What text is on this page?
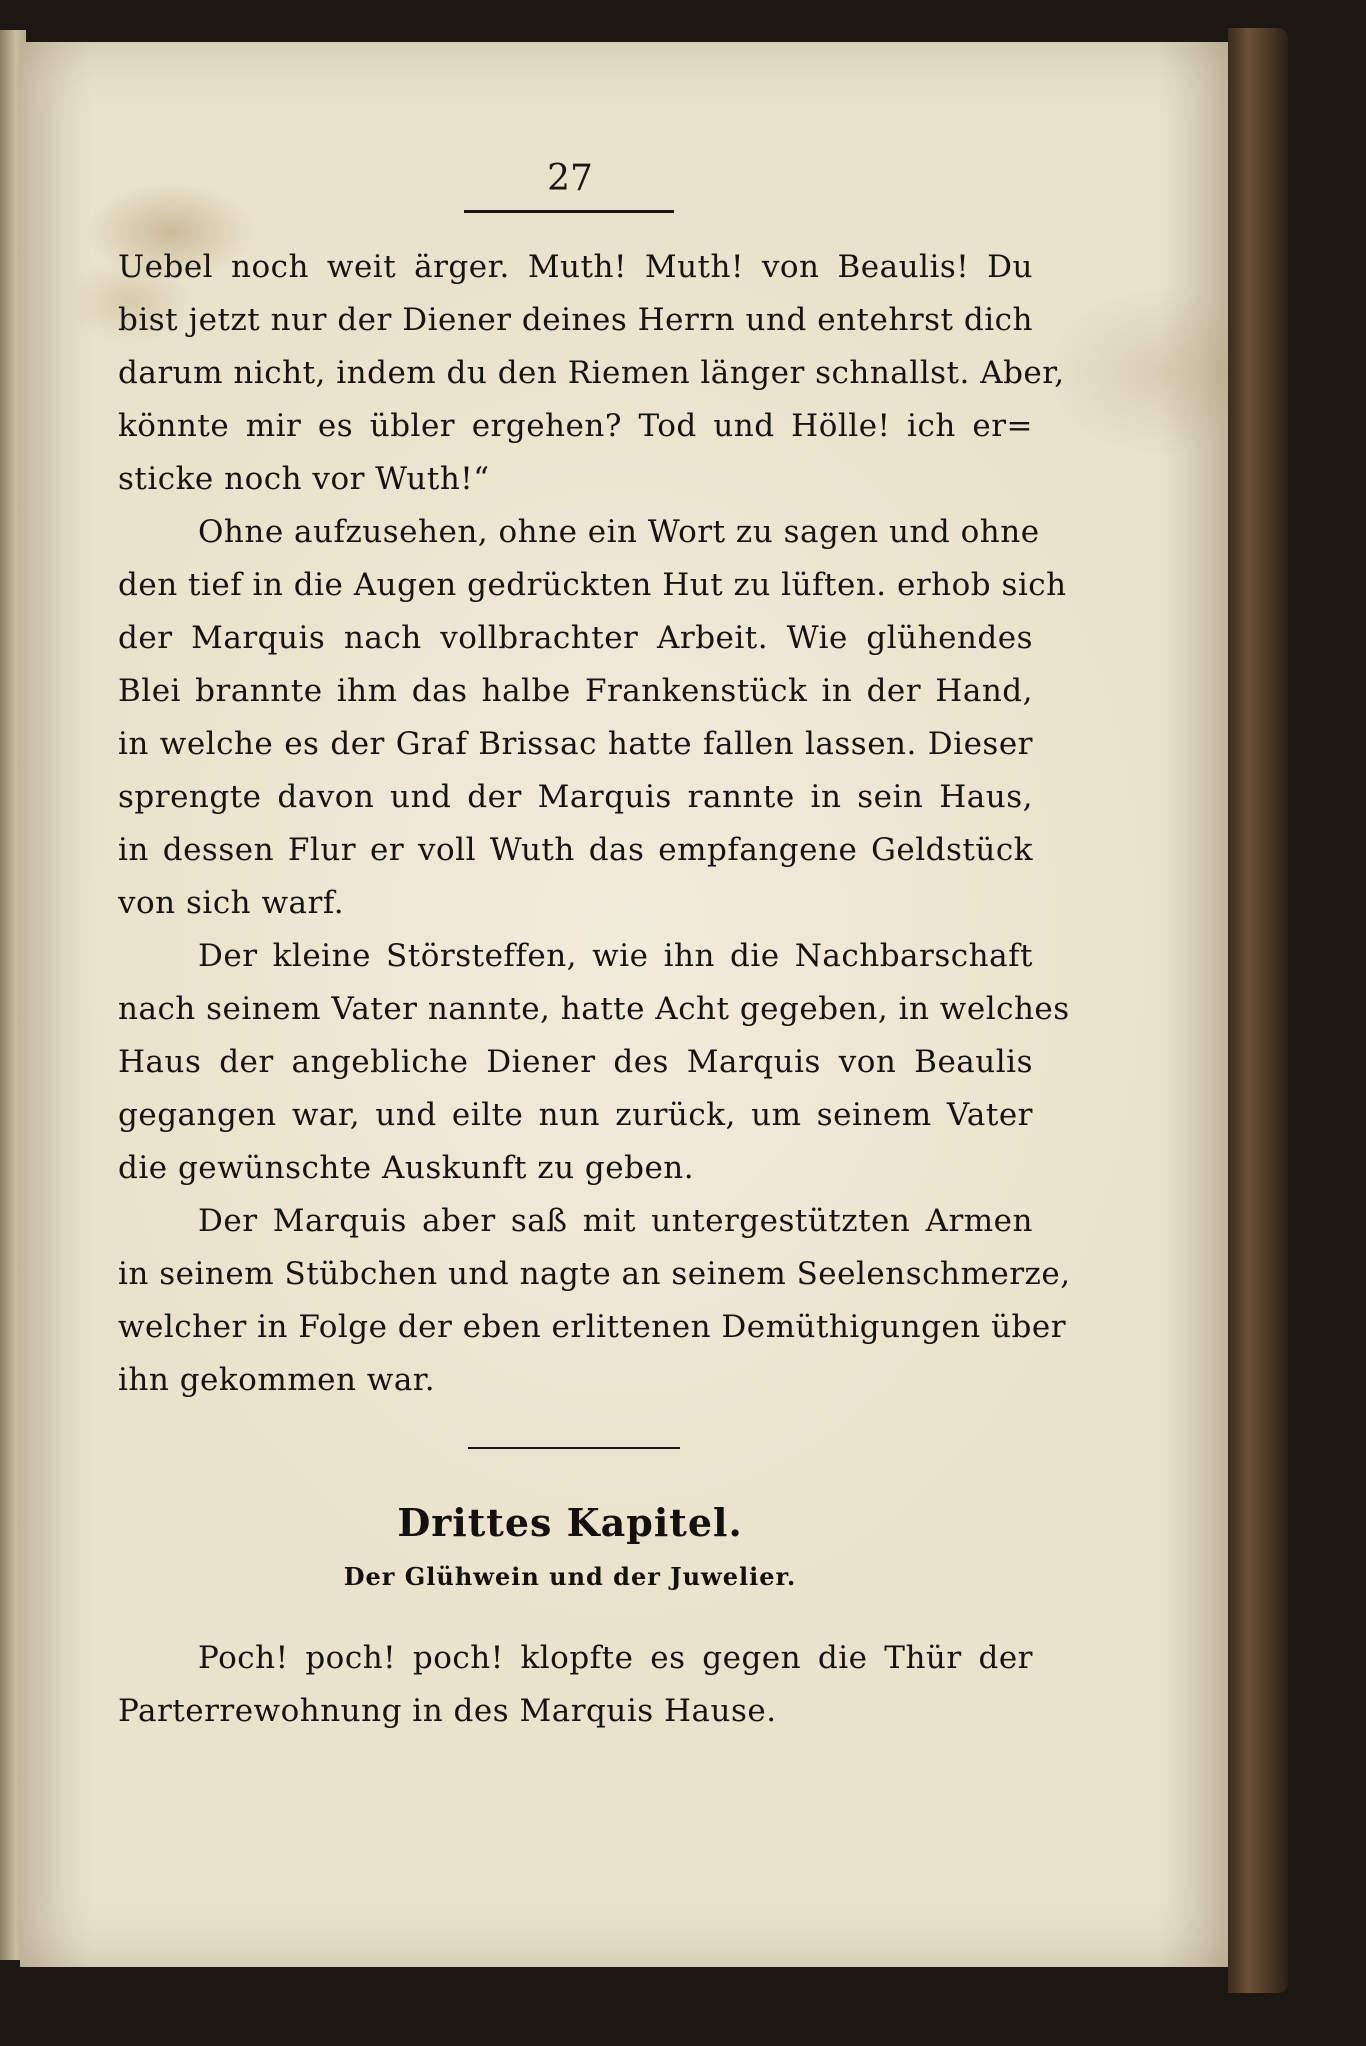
27
Uebel noch weit ärger. Muth! Muth! von Beaulis! Du
bist jetzt nur der Diener deines Herrn und entehrst dich
darum nicht, indem du den Riemen länger schnallst. Aber,
könnte mir es übler ergehen? Tod und Hölle! ich er=
sticke noch vor Wuth!“
Ohne aufzusehen, ohne ein Wort zu sagen und ohne
den tief in die Augen gedrückten Hut zu lüften. erhob sich
der Marquis nach vollbrachter Arbeit. Wie glühendes
Blei brannte ihm das halbe Frankenstück in der Hand,
in welche es der Graf Brissac hatte fallen lassen. Dieser
sprengte davon und der Marquis rannte in sein Haus,
in dessen Flur er voll Wuth das empfangene Geldstück
von sich warf.
Der kleine Störsteffen, wie ihn die Nachbarschaft
nach seinem Vater nannte, hatte Acht gegeben, in welches
Haus der angebliche Diener des Marquis von Beaulis
gegangen war, und eilte nun zurück, um seinem Vater
die gewünschte Auskunft zu geben.
Der Marquis aber saß mit untergestützten Armen
in seinem Stübchen und nagte an seinem Seelenschmerze,
welcher in Folge der eben erlittenen Demüthigungen über
ihn gekommen war.
Drittes Kapitel.
Der Glühwein und der Juwelier.
Poch! poch! poch! klopfte es gegen die Thür der
Parterrewohnung in des Marquis Hause.
